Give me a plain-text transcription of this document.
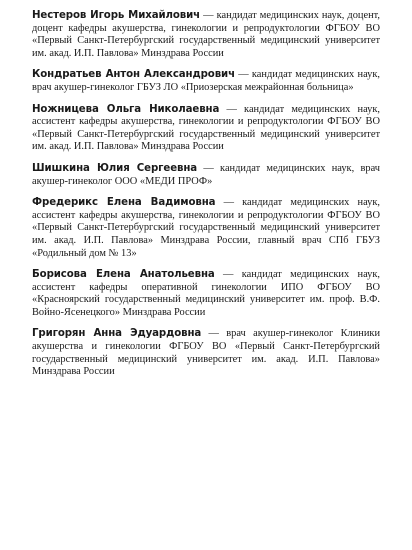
Нестеров Игорь Михайлович — кандидат медицинских наук, доцент, доцент кафедры акушерства, гинекологии и репродуктологии ФГБОУ ВО «Первый Санкт-Петербургский государственный медицинский университет им. акад. И.П. Павлова» Минздрава России

Кондратьев Антон Александрович — кандидат медицинских наук, врач акушер-гинеколог ГБУЗ ЛО «Приозерская межрайонная больница»

Ножницева Ольга Николаевна — кандидат медицинских наук, ассистент кафедры акушерства, гинекологии и репродуктологии ФГБОУ ВО «Первый Санкт-Петербургский государственный медицинский университет им. акад. И.П. Павлова» Минздрава России

Шишкина Юлия Сергеевна — кандидат медицинских наук, врач акушер-гинеколог ООО «МЕДИ ПРОФ»

Фредерикс Елена Вадимовна — кандидат медицинских наук, ассистент кафедры акушерства, гинекологии и репродуктологии ФГБОУ ВО «Первый Санкт-Петербургский государственный медицинский университет им. акад. И.П. Павлова» Минздрава России, главный врач СПб ГБУЗ «Родильный дом № 13»

Борисова Елена Анатольевна — кандидат медицинских наук, ассистент кафедры оперативной гинекологии ИПО ФГБОУ ВО «Красноярский государственный медицинский университет им. проф. В.Ф. Войно-Ясенецкого» Минздрава России

Григорян Анна Эдуардовна — врач акушер-гинеколог Клиники акушерства и гинекологии ФГБОУ ВО «Первый Санкт-Петербургский государственный медицинский университет им. акад. И.П. Павлова» Минздрава России
